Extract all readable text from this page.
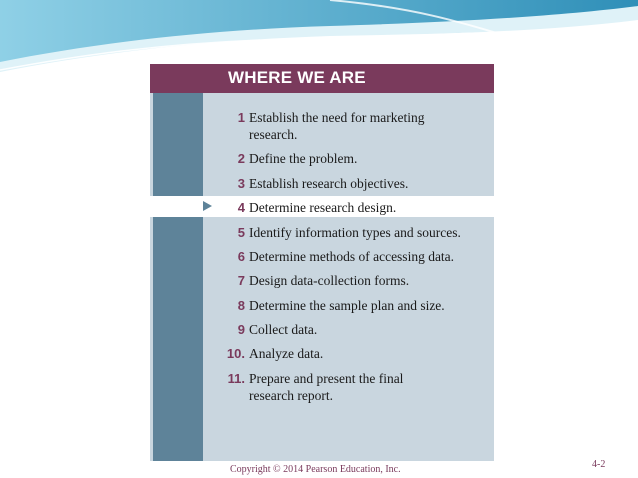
WHERE WE ARE
1 Establish the need for marketing
research.
2 Define the problem.
3 Establish research objectives.
4 Determine research design.
5 Identify information types and sources.
6 Determine methods of accessing data.
7 Design data-collection forms.
8 Determine the sample plan and size.
9 Collect data.
10. Analyze data.
11. Prepare and present the final
research report.
Copyright © 2014 Pearson Education, Inc.	4-2
